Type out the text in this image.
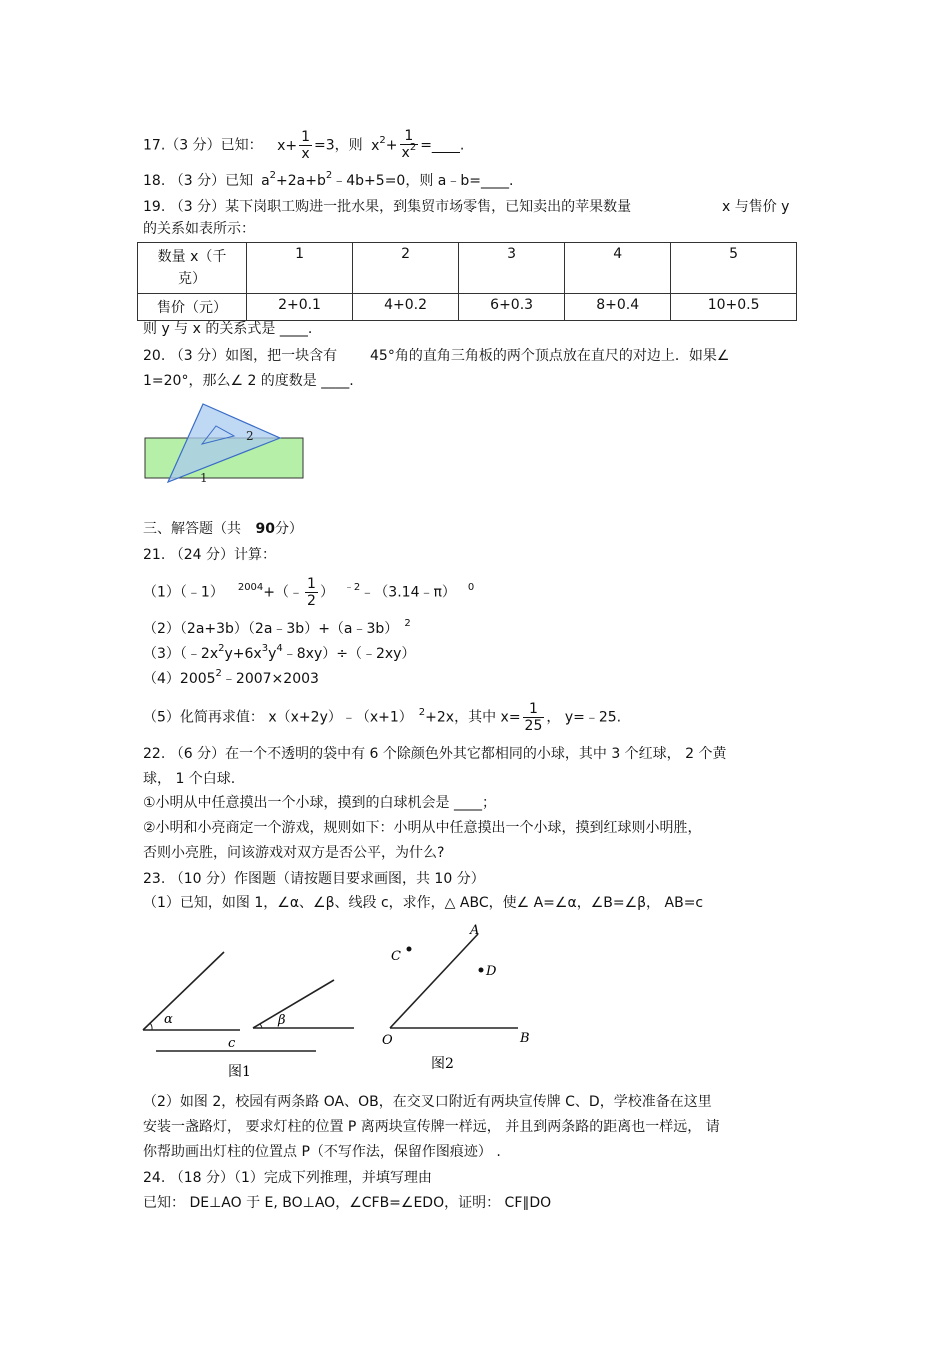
17.（3 分）已知： $x+ \frac{1}{x} =3$，则 $x^2+ \frac{1}{x^2}$ =____.
18. （3 分）已知 $a^2+2a+b^2﹣4b+5=0$，则 a﹣b=____.
19. （3 分）某下岗职工购进一批水果，到集贸市场零售，已知卖出的苹果数量	x 与售价 y
的关系如表所示：
数量 x（千
克）	1	2	3	4	5
售价（元）	2+0.1	4+0.2	6+0.3	8+0.4	10+0.5
则 y 与 x 的关系式是 ____.
20. （3 分）如图，把一块含有 45°角的直角三角板的两个顶点放在直尺的对边上．如果∠
1=20°，那么∠ 2 的度数是 ____.
2
1
三、解答题（共 90分）
21. （24 分）计算：
（1）（﹣1） $^{2004}$+（﹣ $\frac{1}{2}$ ） $^{﹣2}$﹣（3.14﹣π） $^0$
（2）（2a+3b）（2a﹣3b）+（a﹣3b） $^2$
$(3)(﹣2x^2y+6x^3y^4﹣8xy)\div(﹣2xy)$
$(4)2005^2﹣2007\times 2003$
（5）化简再求值： x（x+2y）﹣（x+1） $^2$+2x，其中 $x= \frac{1}{25}$ ， y=﹣25.
22. （6 分）在一个不透明的袋中有 6 个除颜色外其它都相同的小球，其中 3 个红球， 2 个黄
球， 1 个白球.
①小明从中任意摸出一个小球，摸到的白球机会是 ____；
②小明和小亮商定一个游戏，规则如下：小明从中任意摸出一个小球，摸到红球则小明胜，
否则小亮胜，问该游戏对双方是否公平，为什么?
23. （10 分）作图题（请按题目要求画图，共 10 分）
（1）已知，如图 1，∠α、∠β、线段 c，求作，△ ABC，使∠ A=∠α，∠B=∠β， AB=c
α	β
c
图1
C
D
A
O	B
图2
（2）如图 2，校园有两条路 OA、OB，在交叉口附近有两块宣传牌 C、D，学校准备在这里
安装一盏路灯， 要求灯柱的位置 P 离两块宣传牌一样远， 并且到两条路的距离也一样远， 请
你帮助画出灯柱的位置点 P（不写作法，保留作图痕迹） .
24. （18 分）（1）完成下列推理，并填写理由
已知： DE⊥AO 于 E, BO⊥AO，∠CFB=∠EDO，证明： CF∥DO
